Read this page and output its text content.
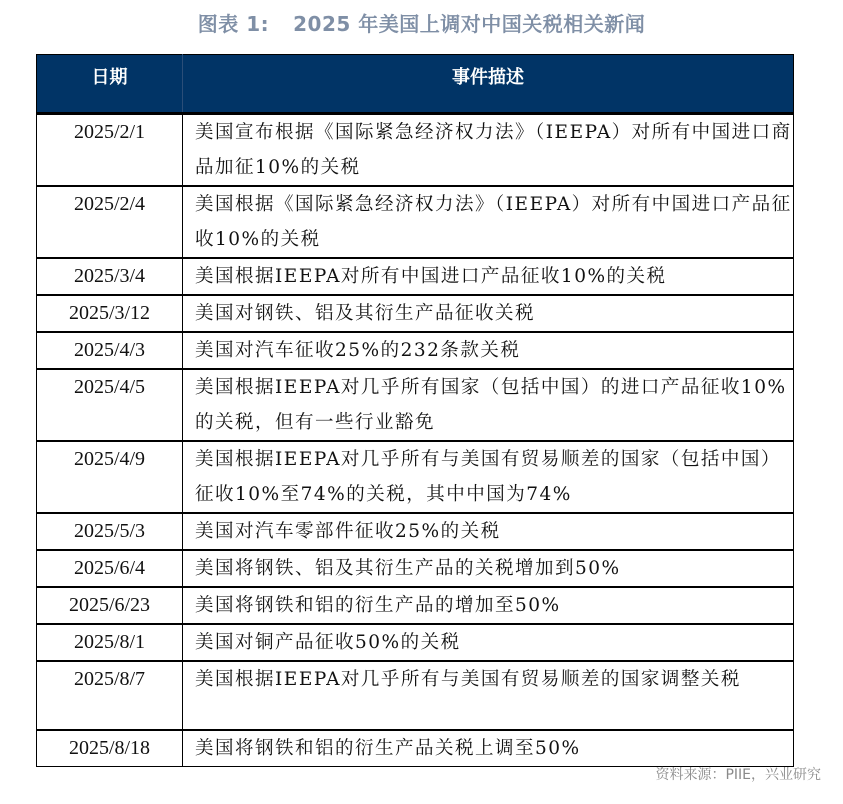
图表 1: 2025 年美国上调对中国关税相关新闻
日期	事件描述
2025/2/1	美国宣布根据《国际紧急经济权力法》（IEEPA）对所有中国进口商品加征10%的关税
2025/2/4	美国根据《国际紧急经济权力法》（IEEPA）对所有中国进口产品征收10%的关税
2025/3/4	美国根据IEEPA对所有中国进口产品征收10%的关税
2025/3/12	美国对钢铁、铝及其衍生产品征收关税
2025/4/3	美国对汽车征收25%的232条款关税
2025/4/5	美国根据IEEPA对几乎所有国家（包括中国）的进口产品征收10%的关税，但有一些行业豁免
2025/4/9	美国根据IEEPA对几乎所有与美国有贸易顺差的国家（包括中国）征收10%至74%的关税，其中中国为74%
2025/5/3	美国对汽车零部件征收25%的关税
2025/6/4	美国将钢铁、铝及其衍生产品的关税增加到50%
2025/6/23	美国将钢铁和铝的衍生产品的增加至50%
2025/8/1	美国对铜产品征收50%的关税
2025/8/7	美国根据IEEPA对几乎所有与美国有贸易顺差的国家调整关税
2025/8/18	美国将钢铁和铝的衍生产品关税上调至50%
资料来源：PIIE，兴业研究
